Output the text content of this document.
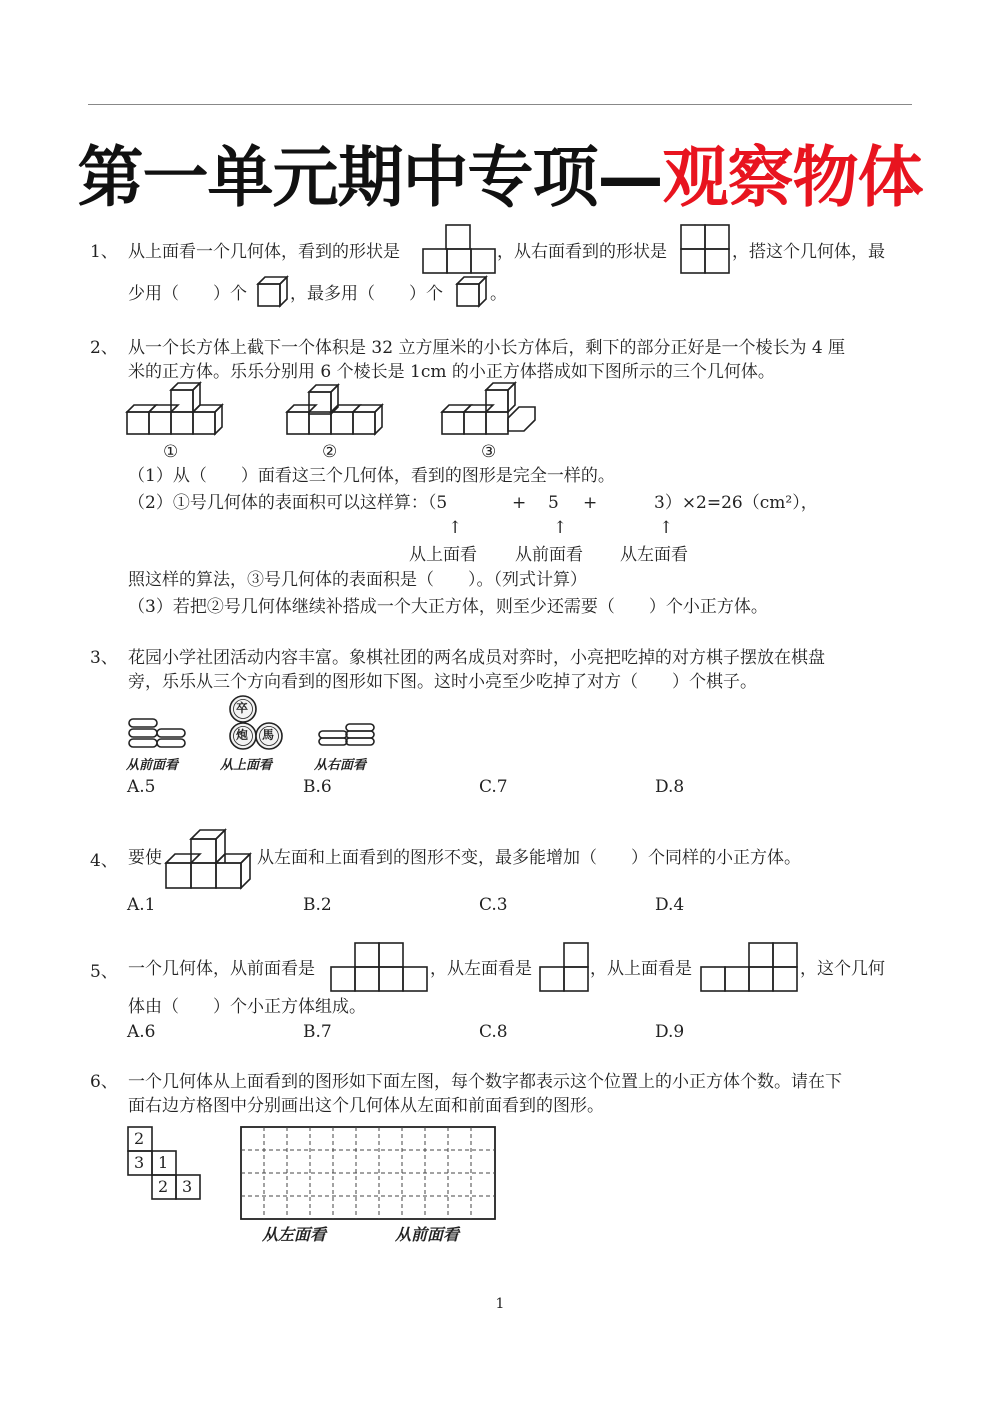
第一单元期中专项—观察物体
1、 从上面看一个几何体，看到的形状是	，从右面看到的形状是	，搭这个几何体，最
少用（　　）个	，最多用（　　）个	。
2、 从一个长方体上截下一个体积是 32 立方厘米的小长方体后，剩下的部分正好是一个棱长为 4 厘
米的正方体。乐乐分别用 6 个棱长是 1cm 的小正方体搭成如下图所示的三个几何体。
①	②	③
（1）从（　　）面看这三个几何体，看到的图形是完全一样的。
（2）①号几何体的表面积可以这样算：（5	+ 5 +	3）×2=26（cm²），
↑	↑	↑
从上面看 从前面看 从左面看
照这样的算法，③号几何体的表面积是（　　）。（列式计算）
（3）若把②号几何体继续补搭成一个大正方体，则至少还需要（　　）个小正方体。
3、 花园小学社团活动内容丰富。象棋社团的两名成员对弈时，小亮把吃掉的对方棋子摆放在棋盘
旁，乐乐从三个方向看到的图形如下图。这时小亮至少吃掉了对方（　　）个棋子。
从前面看
卒
炮 馬
从上面看	从右面看
A.5	B.6	C.7	D.8
4、 要使	从左面和上面看到的图形不变，最多能增加（　　）个同样的小正方体。
A.1	B.2	C.3	D.4
5、 一个几何体，从前面看是	，从左面看是	，从上面看是	，这个几何
体由（　　）个小正方体组成。
A.6	B.7	C.8	D.9
6、 一个几何体从上面看到的图形如下面左图，每个数字都表示这个位置上的小正方体个数。请在下
面右边方格图中分别画出这个几何体从左面和前面看到的图形。
2
3 1
2 3
从左面看	从前面看
1
